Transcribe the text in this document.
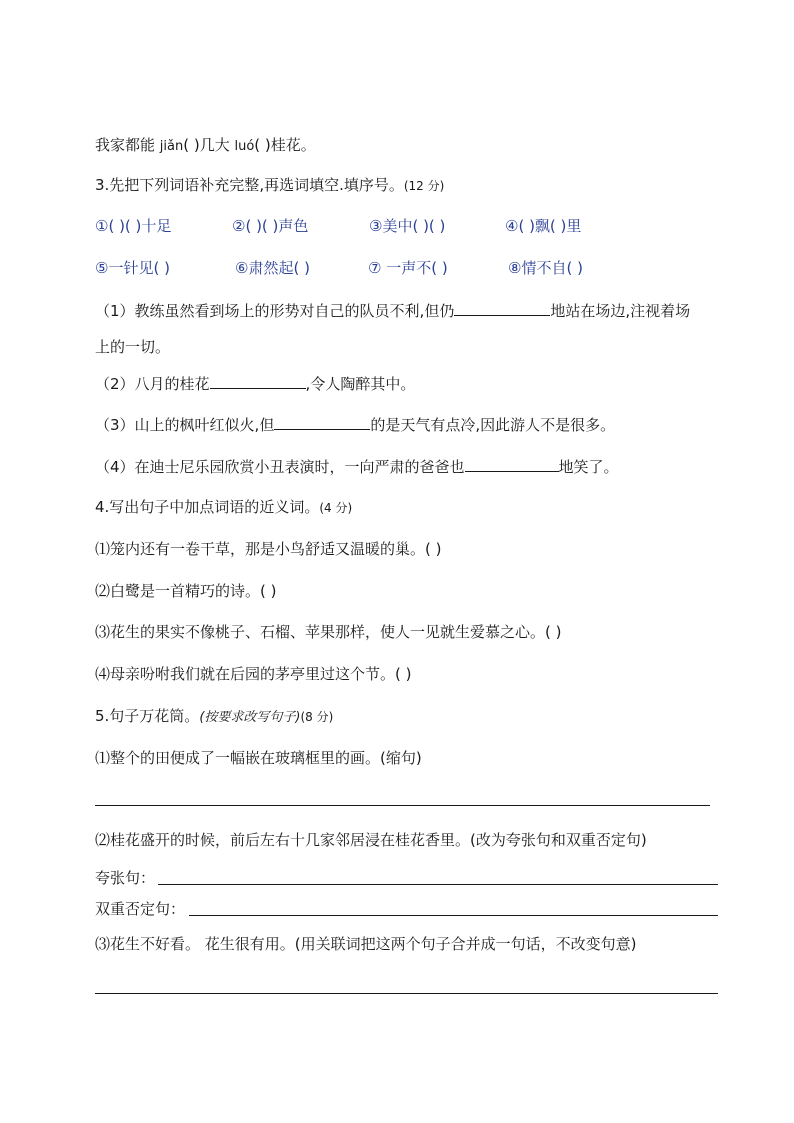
我家都能 jiǎn( )几大 luó( )桂花。
3.先把下列词语补充完整,再选词填空.填序号。(12 分)
①( )( )十足	②( )( )声色	③美中( )( )	④( )飘( )里
⑤一针见( )	⑥肃然起( )	⑦ 一声不( )	⑧情不自( )
（1）教练虽然看到场上的形势对自己的队员不利,但仍	地站在场边,注视着场
上的一切。
（2）八月的桂花	,令人陶醉其中。
（3）山上的枫叶红似火,但	的是天气有点冷,因此游人不是很多。
（4）在迪士尼乐园欣赏小丑表演时，一向严肃的爸爸也	地笑了。
4.写出句子中加点词语的近义词。(4 分)
⑴笼内还有一卷干草，那是小鸟舒适又温暖的巢。( )
⑵白鹭是一首精巧的诗。( )
⑶花生的果实不像桃子、石榴、苹果那样，使人一见就生爱慕之心。( )
⑷母亲吩咐我们就在后园的茅亭里过这个节。( )
5.句子万花筒。(按要求改写句子)(8 分)
⑴整个的田便成了一幅嵌在玻璃框里的画。(缩句)
⑵桂花盛开的时候，前后左右十几家邻居浸在桂花香里。(改为夸张句和双重否定句)
夸张句：
双重否定句：
⑶花生不好看。 花生很有用。(用关联词把这两个句子合并成一句话，不改变句意)
